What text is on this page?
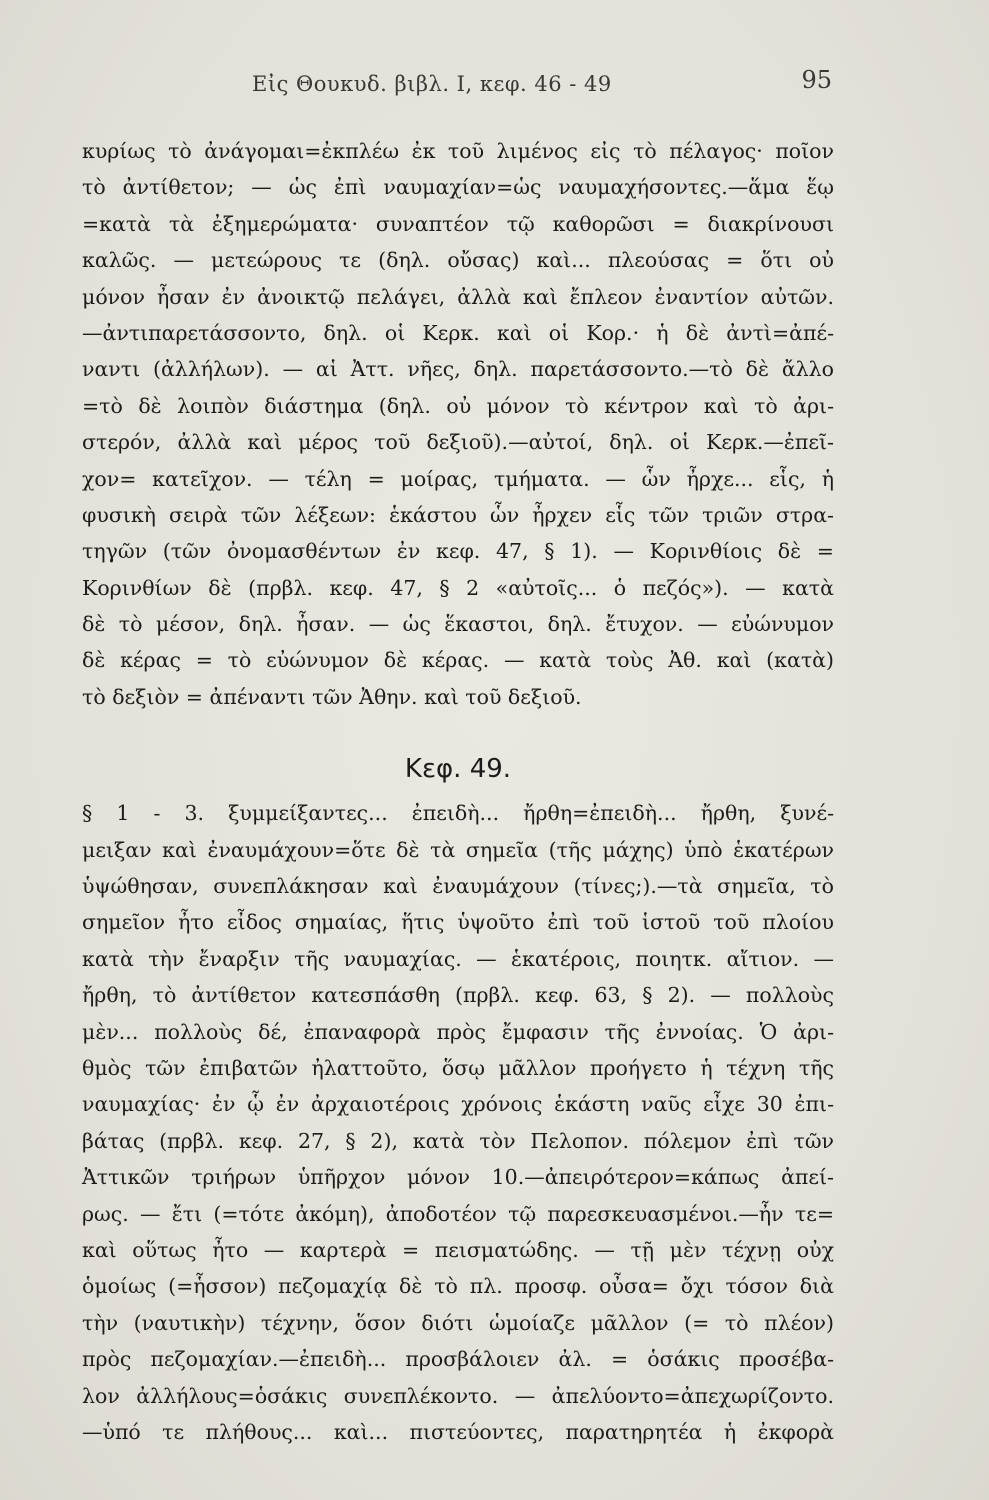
Εἰς Θουκυδ. βιβλ. Ι, κεφ. 46 - 49	95
κυρίως τὸ ἀνάγομαι=ἐκπλέω ἐκ τοῦ λιμένος εἰς τὸ πέλαγος· ποῖον
τὸ ἀντίθετον; — ὡς ἐπὶ ναυμαχίαν=ὡς ναυμαχήσοντες.—ἅμα ἕῳ
=κατὰ τὰ ἐξημερώματα· συναπτέον τῷ καθορῶσι = διακρίνουσι
καλῶς. — μετεώρους τε (δηλ. οὔσας) καὶ... πλεούσας = ὅτι οὐ
μόνον ἦσαν ἐν ἀνοικτῷ πελάγει, ἀλλὰ καὶ ἔπλεον ἐναντίον αὐτῶν.
—ἀντιπαρετάσσοντο, δηλ. οἱ Κερκ. καὶ οἱ Κορ.· ἡ δὲ ἀντὶ=ἀπέ-
ναντι (ἀλλήλων). — αἱ Ἀττ. νῆες, δηλ. παρετάσσοντο.—τὸ δὲ ἄλλο
=τὸ δὲ λοιπὸν διάστημα (δηλ. οὐ μόνον τὸ κέντρον καὶ τὸ ἀρι-
στερόν, ἀλλὰ καὶ μέρος τοῦ δεξιοῦ).—αὐτοί, δηλ. οἱ Κερκ.—ἐπεῖ-
χον= κατεῖχον. — τέλη = μοίρας, τμήματα. — ὧν ἦρχε... εἷς, ἡ
φυσικὴ σειρὰ τῶν λέξεων: ἑκάστου ὧν ἦρχεν εἷς τῶν τριῶν στρα-
τηγῶν (τῶν ὀνομασθέντων ἐν κεφ. 47, § 1). — Κορινθίοις δὲ =
Κορινθίων δὲ (πρβλ. κεφ. 47, § 2 «αὐτοῖς... ὁ πεζός»). — κατὰ
δὲ τὸ μέσον, δηλ. ἦσαν. — ὡς ἕκαστοι, δηλ. ἔτυχον. — εὐώνυμον
δὲ κέρας = τὸ εὐώνυμον δὲ κέρας. — κατὰ τοὺς Ἀθ. καὶ (κατὰ)
τὸ δεξιὸν = ἀπέναντι τῶν Ἀθην. καὶ τοῦ δεξιοῦ.
Κεφ. 49.
§ 1 - 3. ξυμμείξαντες... ἐπειδὴ... ἤρθη=ἐπειδὴ... ἤρθη, ξυνέ-
μειξαν καὶ ἐναυμάχουν=ὅτε δὲ τὰ σημεῖα (τῆς μάχης) ὑπὸ ἑκατέρων
ὑψώθησαν, συνεπλάκησαν καὶ ἐναυμάχουν (τίνες;).—τὰ σημεῖα, τὸ
σημεῖον ἦτο εἶδος σημαίας, ἥτις ὑψοῦτο ἐπὶ τοῦ ἱστοῦ τοῦ πλοίου
κατὰ τὴν ἔναρξιν τῆς ναυμαχίας. — ἑκατέροις, ποιητκ. αἴτιον. —
ἤρθη, τὸ ἀντίθετον κατεσπάσθη (πρβλ. κεφ. 63, § 2). — πολλοὺς
μὲν... πολλοὺς δέ, ἐπαναφορὰ πρὸς ἔμφασιν τῆς ἐννοίας. Ὁ ἀρι-
θμὸς τῶν ἐπιβατῶν ἠλαττοῦτο, ὅσῳ μᾶλλον προήγετο ἡ τέχνη τῆς
ναυμαχίας· ἐν ᾧ ἐν ἀρχαιοτέροις χρόνοις ἑκάστη ναῦς εἶχε 30 ἐπι-
βάτας (πρβλ. κεφ. 27, § 2), κατὰ τὸν Πελοπον. πόλεμον ἐπὶ τῶν
Ἀττικῶν τριήρων ὑπῆρχον μόνον 10.—ἀπειρότερον=κάπως ἀπεί-
ρως. — ἔτι (=τότε ἀκόμη), ἀποδοτέον τῷ παρεσκευασμένοι.—ἦν τε=
καὶ οὕτως ἦτο — καρτερὰ = πεισματώδης. — τῇ μὲν τέχνῃ οὐχ
ὁμοίως (=ἧσσον) πεζομαχίᾳ δὲ τὸ πλ. προσφ. οὖσα= ὄχι τόσον διὰ
τὴν (ναυτικὴν) τέχνην, ὅσον διότι ὡμοίαζε μᾶλλον (= τὸ πλέον)
πρὸς πεζομαχίαν.—ἐπειδὴ... προσβάλοιεν ἀλ. = ὁσάκις προσέβα-
λον ἀλλήλους=ὁσάκις συνεπλέκοντο. — ἀπελύοντο=ἀπεχωρίζοντο.
—ὑπό τε πλήθους... καὶ... πιστεύοντες, παρατηρητέα ἡ ἐκφορὰ
